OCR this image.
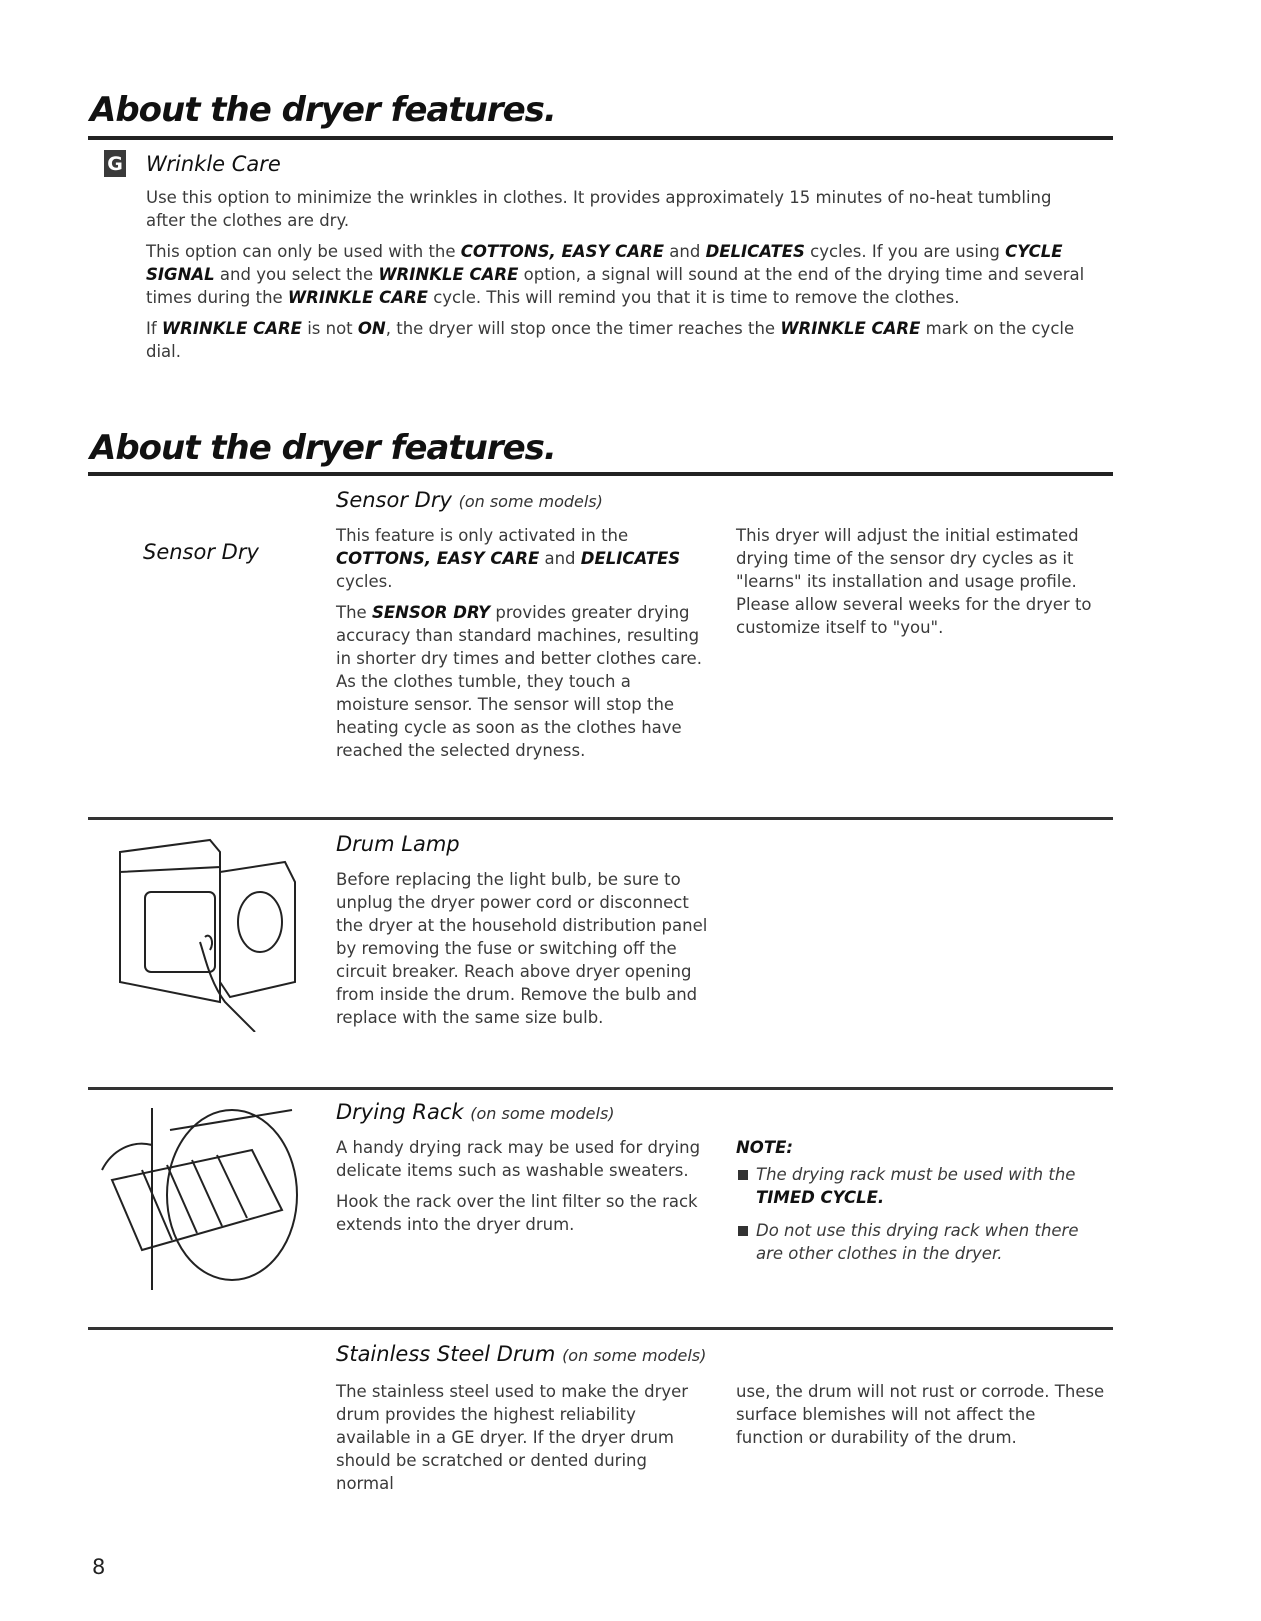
About the dryer features.
G Wrinkle Care

Use this option to minimize the wrinkles in clothes. It provides approximately 15 minutes of no-heat tumbling after the clothes are dry.

This option can only be used with the COTTONS, EASY CARE and DELICATES cycles. If you are using CYCLE SIGNAL and you select the WRINKLE CARE option, a signal will sound at the end of the drying time and several times during the WRINKLE CARE cycle. This will remind you that it is time to remove the clothes.

If WRINKLE CARE is not ON, the dryer will stop once the timer reaches the WRINKLE CARE mark on the cycle dial.

About the dryer features.
Sensor Dry
Sensor Dry (on some models)

This feature is only activated in the COTTONS, EASY CARE and DELICATES cycles.

The SENSOR DRY provides greater drying accuracy than standard machines, resulting in shorter dry times and better clothes care. As the clothes tumble, they touch a moisture sensor. The sensor will stop the heating cycle as soon as the clothes have reached the selected dryness.

This dryer will adjust the initial estimated drying time of the sensor dry cycles as it "learns" its installation and usage profile. Please allow several weeks for the dryer to customize itself to "you".

Drum Lamp

Before replacing the light bulb, be sure to unplug the dryer power cord or disconnect the dryer at the household distribution panel by removing the fuse or switching off the circuit breaker. Reach above dryer opening from inside the drum. Remove the bulb and replace with the same size bulb.

Drying Rack (on some models)

A handy drying rack may be used for drying delicate items such as washable sweaters.

Hook the rack over the lint filter so the rack extends into the dryer drum.

NOTE:
The drying rack must be used with the TIMED CYCLE.
Do not use this drying rack when there are other clothes in the dryer.
Stainless Steel Drum (on some models)

The stainless steel used to make the dryer drum provides the highest reliability available in a GE dryer. If the dryer drum should be scratched or dented during normal

use, the drum will not rust or corrode. These surface blemishes will not affect the function or durability of the drum.

8
